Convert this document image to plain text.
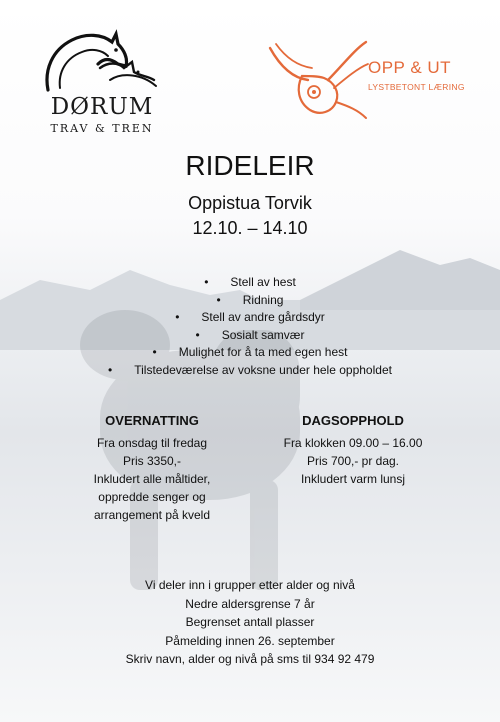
DØRUM
TRAV & TREN
OPP & UT
LYSTBETONT LÆRING
RIDELEIR
Oppistua Torvik
12.10. – 14.10
• Stell av hest
• Ridning
• Stell av andre gårdsdyr
• Sosialt samvær
• Mulighet for å ta med egen hest
• Tilstedeværelse av voksne under hele oppholdet
OVERNATTING
Fra onsdag til fredag
Pris 3350,-
Inkludert alle måltider,
oppredde senger og
arrangement på kveld
DAGSOPPHOLD
Fra klokken 09.00 – 16.00
Pris 700,- pr dag.
Inkludert varm lunsj
Vi deler inn i grupper etter alder og nivå
Nedre aldersgrense 7 år
Begrenset antall plasser
Påmelding innen 26. september
Skriv navn, alder og nivå på sms til 934 92 479
